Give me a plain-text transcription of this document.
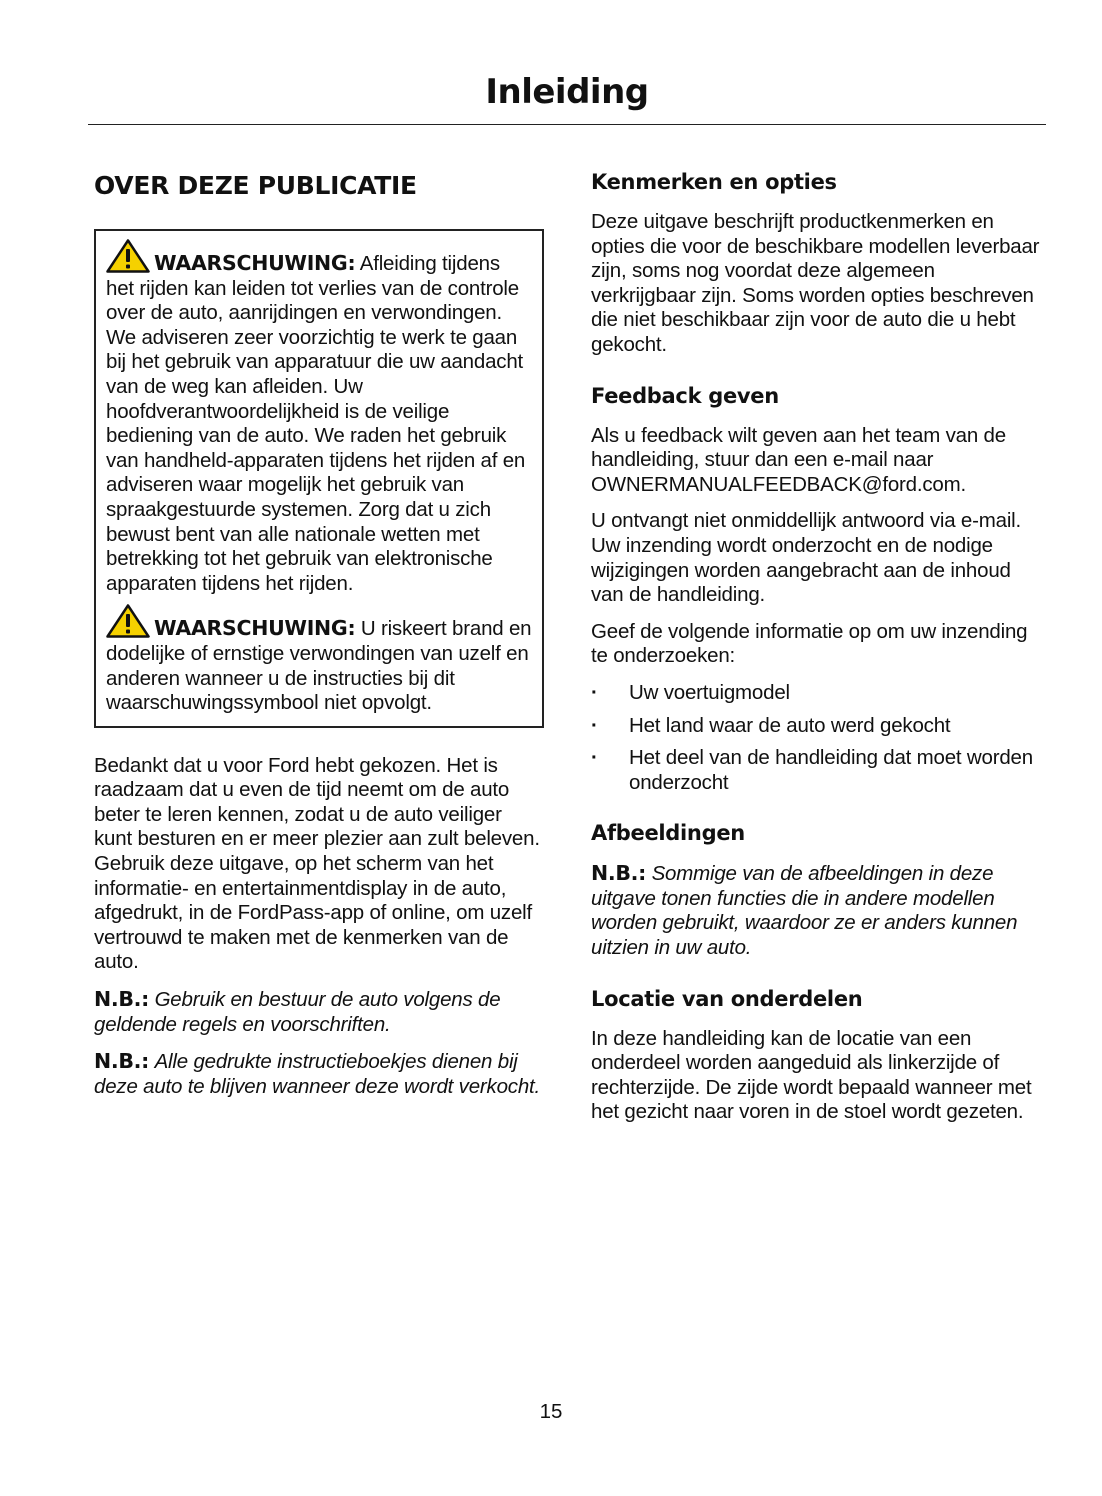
Inleiding
OVER DEZE PUBLICATIE

WAARSCHUWING: Afleiding tijdens het rijden kan leiden tot verlies van de controle over de auto, aanrijdingen en verwondingen. We adviseren zeer voorzichtig te werk te gaan bij het gebruik van apparatuur die uw aandacht van de weg kan afleiden. Uw hoofdverantwoordelijkheid is de veilige bediening van de auto. We raden het gebruik van handheld-apparaten tijdens het rijden af en adviseren waar mogelijk het gebruik van spraakgestuurde systemen. Zorg dat u zich bewust bent van alle nationale wetten met betrekking tot het gebruik van elektronische apparaten tijdens het rijden.

WAARSCHUWING: U riskeert brand en dodelijke of ernstige verwondingen van uzelf en anderen wanneer u de instructies bij dit waarschuwingssymbool niet opvolgt.

Bedankt dat u voor Ford hebt gekozen. Het is raadzaam dat u even de tijd neemt om de auto beter te leren kennen, zodat u de auto veiliger kunt besturen en er meer plezier aan zult beleven. Gebruik deze uitgave, op het scherm van het informatie- en entertainmentdisplay in de auto, afgedrukt, in de FordPass-app of online, om uzelf vertrouwd te maken met de kenmerken van de auto.

N.B.: Gebruik en bestuur de auto volgens de geldende regels en voorschriften.

N.B.: Alle gedrukte instructieboekjes dienen bij deze auto te blijven wanneer deze wordt verkocht.

Kenmerken en opties

Deze uitgave beschrijft productkenmerken en opties die voor de beschikbare modellen leverbaar zijn, soms nog voordat deze algemeen verkrijgbaar zijn. Soms worden opties beschreven die niet beschikbaar zijn voor de auto die u hebt gekocht.

Feedback geven

Als u feedback wilt geven aan het team van de handleiding, stuur dan een e-mail naar
OWNERMANUALFEEDBACK@ford.com.

U ontvangt niet onmiddellijk antwoord via e-mail. Uw inzending wordt onderzocht en de nodige wijzigingen worden aangebracht aan de inhoud van de handleiding.

Geef de volgende informatie op om uw inzending te onderzoeken:

· Uw voertuigmodel
· Het land waar de auto werd gekocht
· Het deel van de handleiding dat moet worden onderzocht
Afbeeldingen

N.B.: Sommige van de afbeeldingen in deze uitgave tonen functies die in andere modellen worden gebruikt, waardoor ze er anders kunnen uitzien in uw auto.

Locatie van onderdelen

In deze handleiding kan de locatie van een onderdeel worden aangeduid als linkerzijde of rechterzijde. De zijde wordt bepaald wanneer met het gezicht naar voren in de stoel wordt gezeten.

15
